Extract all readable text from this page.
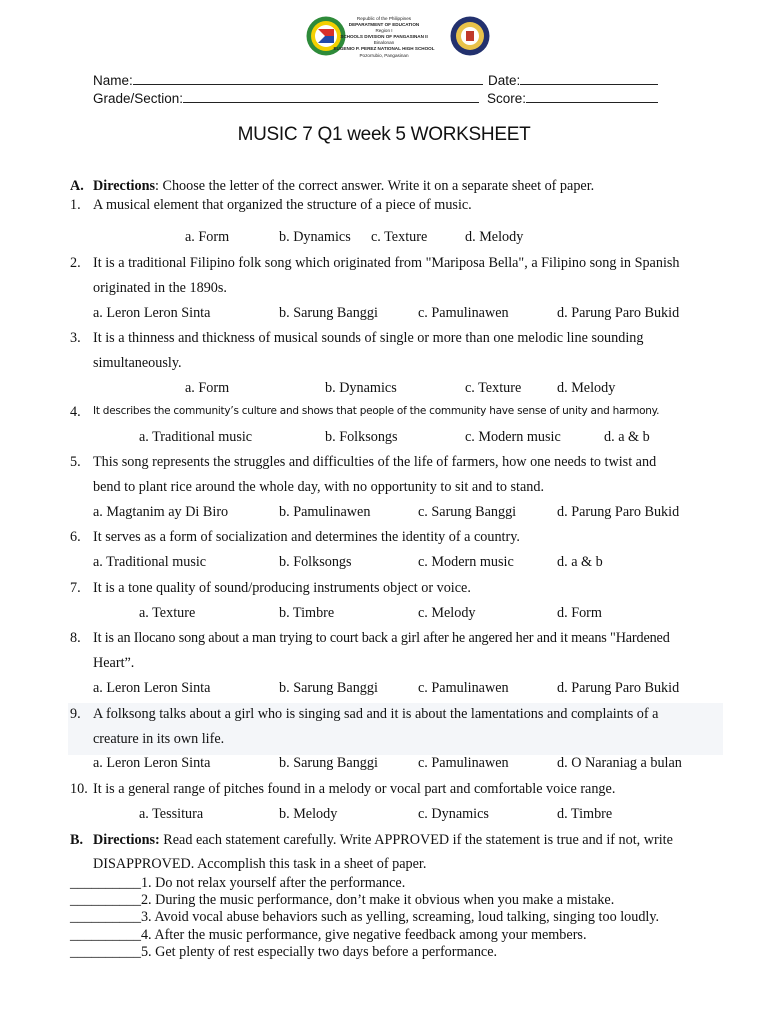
Republic of the Philippines
DEPARATMENT OF EDUCATION
Region I
SCHOOLS DIVISION OF PANGASINAN II
Binalonan
EUGENIO P. PEREZ NATIONAL HIGH SCHOOL
Pozorrubio, Pangasinan
Name:	Date:
Grade/Section:	Score:
MUSIC 7 Q1 week 5 WORKSHEET
A. Directions: Choose the letter of the correct answer. Write it on a separate sheet of paper.
1. A musical element that organized the structure of a piece of music.
a. Form	b. Dynamics c. Texture	d. Melody
2. It is a traditional Filipino folk song which originated from "Mariposa Bella", a Filipino song in Spanish
originated in the 1890s.
a. Leron Leron Sinta	b. Sarung Banggi	c. Pamulinawen	d. Parung Paro Bukid
3. It is a thinness and thickness of musical sounds of single or more than one melodic line sounding
simultaneously.
a. Form	b. Dynamics	c. Texture	d. Melody
4. It describes the community’s culture and shows that people of the community have sense of unity and harmony.
a. Traditional music	b. Folksongs	c. Modern music	d. a & b
5. This song represents the struggles and difficulties of the life of farmers, how one needs to twist and
bend to plant rice around the whole day, with no opportunity to sit and to stand.
a. Magtanim ay Di Biro	b. Pamulinawen	c. Sarung Banggi	d. Parung Paro Bukid
6. It serves as a form of socialization and determines the identity of a country.
a. Traditional music	b. Folksongs	c. Modern music	d. a & b
7. It is a tone quality of sound/producing instruments object or voice.
a. Texture	b. Timbre	c. Melody	d. Form
8. It is an Ilocano song about a man trying to court back a girl after he angered her and it means "Hardened
Heart”.
a. Leron Leron Sinta	b. Sarung Banggi	c. Pamulinawen	d. Parung Paro Bukid
9. A folksong talks about a girl who is singing sad and it is about the lamentations and complaints of a
creature in its own life.
a. Leron Leron Sinta	b. Sarung Banggi	c. Pamulinawen	d. O Naraniag a bulan
10. It is a general range of pitches found in a melody or vocal part and comfortable voice range.
a. Tessitura	b. Melody	c. Dynamics	d. Timbre
B. Directions: Read each statement carefully. Write APPROVED if the statement is true and if not, write
DISAPPROVED. Accomplish this task in a sheet of paper.
__________1. Do not relax yourself after the performance.
__________2. During the music performance, don’t make it obvious when you make a mistake.
__________3. Avoid vocal abuse behaviors such as yelling, screaming, loud talking, singing too loudly.
__________4. After the music performance, give negative feedback among your members.
__________5. Get plenty of rest especially two days before a performance.
